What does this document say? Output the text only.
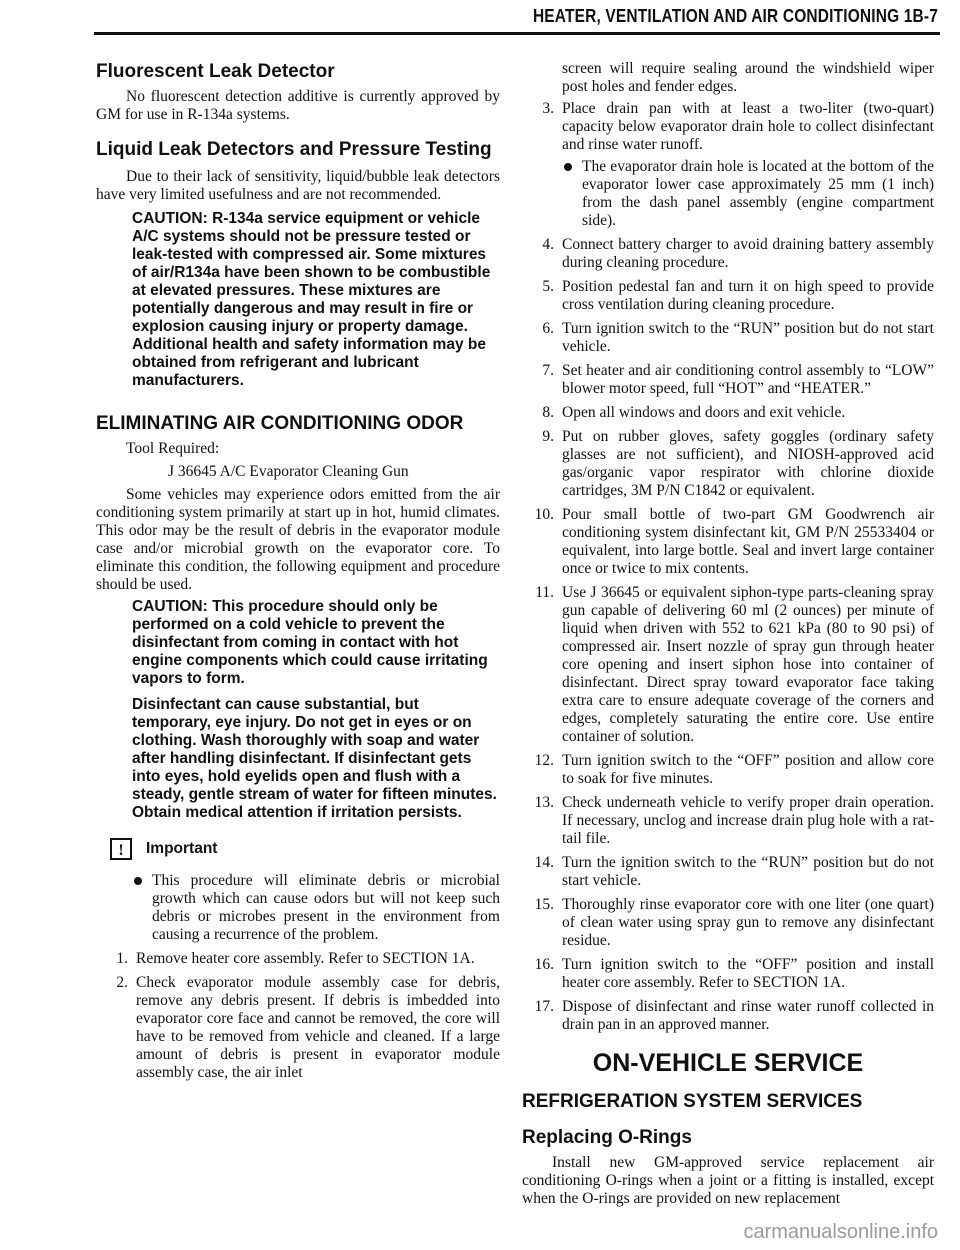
HEATER, VENTILATION AND AIR CONDITIONING 1B-7
Fluorescent Leak Detector

No fluorescent detection additive is currently approved by GM for use in R-134a systems.

Liquid Leak Detectors and Pressure Testing

Due to their lack of sensitivity, liquid/bubble leak detectors have very limited usefulness and are not recommended.

CAUTION: R-134a service equipment or vehicle A/C systems should not be pressure tested or leak-tested with compressed air. Some mixtures of air/R134a have been shown to be combustible at elevated pressures. These mixtures are potentially dangerous and may result in fire or explosion causing injury or property damage. Additional health and safety information may be obtained from refrigerant and lubricant manufacturers.

ELIMINATING AIR CONDITIONING ODOR

Tool Required:

J 36645 A/C Evaporator Cleaning Gun

Some vehicles may experience odors emitted from the air conditioning system primarily at start up in hot, humid climates. This odor may be the result of debris in the evaporator module case and/or microbial growth on the evaporator core. To eliminate this condition, the following equipment and procedure should be used.

CAUTION: This procedure should only be performed on a cold vehicle to prevent the disinfectant from coming in contact with hot engine components which could cause irritating vapors to form.

Disinfectant can cause substantial, but temporary, eye injury. Do not get in eyes or on clothing. Wash thoroughly with soap and water after handling disinfectant. If disinfectant gets into eyes, hold eyelids open and flush with a steady, gentle stream of water for fifteen minutes. Obtain medical attention if irritation persists.

! Important
This procedure will eliminate debris or microbial growth which can cause odors but will not keep such debris or microbes present in the environment from causing a recurrence of the problem.
1. Remove heater core assembly. Refer to SECTION 1A.
2. Check evaporator module assembly case for debris, remove any debris present. If debris is imbedded into evaporator core face and cannot be removed, the core will have to be removed from vehicle and cleaned. If a large amount of debris is present in evaporator module assembly case, the air inlet

screen will require sealing around the windshield wiper post holes and fender edges.

3. Place drain pan with at least a two-liter (two-quart) capacity below evaporator drain hole to collect disinfectant and rinse water runoff.
The evaporator drain hole is located at the bottom of the evaporator lower case approximately 25 mm (1 inch) from the dash panel assembly (engine compartment side).
4. Connect battery charger to avoid draining battery assembly during cleaning procedure.
5. Position pedestal fan and turn it on high speed to provide cross ventilation during cleaning procedure.
6. Turn ignition switch to the “RUN” position but do not start vehicle.
7. Set heater and air conditioning control assembly to “LOW” blower motor speed, full “HOT” and “HEATER.”
8. Open all windows and doors and exit vehicle.
9. Put on rubber gloves, safety goggles (ordinary safety glasses are not sufficient), and NIOSH-approved acid gas/organic vapor respirator with chlorine dioxide cartridges, 3M P/N C1842 or equivalent.
10. Pour small bottle of two-part GM Goodwrench air conditioning system disinfectant kit, GM P/N 25533404 or equivalent, into large bottle. Seal and invert large container once or twice to mix contents.
11. Use J 36645 or equivalent siphon-type parts-cleaning spray gun capable of delivering 60 ml (2 ounces) per minute of liquid when driven with 552 to 621 kPa (80 to 90 psi) of compressed air. Insert nozzle of spray gun through heater core opening and insert siphon hose into container of disinfectant. Direct spray toward evaporator face taking extra care to ensure adequate coverage of the corners and edges, completely saturating the entire core. Use entire container of solution.
12. Turn ignition switch to the “OFF” position and allow core to soak for five minutes.
13. Check underneath vehicle to verify proper drain operation. If necessary, unclog and increase drain plug hole with a rat-tail file.
14. Turn the ignition switch to the “RUN” position but do not start vehicle.
15. Thoroughly rinse evaporator core with one liter (one quart) of clean water using spray gun to remove any disinfectant residue.
16. Turn ignition switch to the “OFF” position and install heater core assembly. Refer to SECTION 1A.
17. Dispose of disinfectant and rinse water runoff collected in drain pan in an approved manner.
ON-VEHICLE SERVICE
REFRIGERATION SYSTEM SERVICES
Replacing O-Rings

Install new GM-approved service replacement air conditioning O-rings when a joint or a fitting is installed, except when the O-rings are provided on new replacement

carmanualsonline.info
